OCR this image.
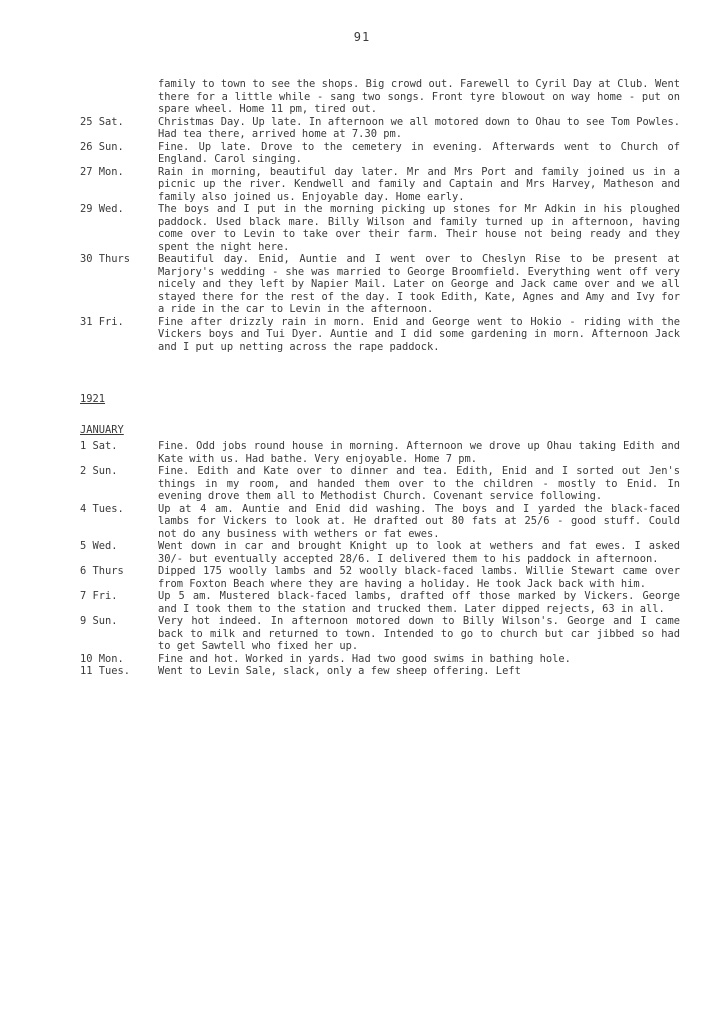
91
family to town to see the shops. Big crowd out. Farewell to Cyril Day at Club. Went there for a little while - sang two songs. Front tyre blowout on way home - put on spare wheel. Home 11 pm, tired out.
25 Sat.	Christmas Day. Up late. In afternoon we all motored down to Ohau to see Tom Powles. Had tea there, arrived home at 7.30 pm.
26 Sun.	Fine. Up late. Drove to the cemetery in evening. Afterwards went to Church of England. Carol singing.
27 Mon.	Rain in morning, beautiful day later. Mr and Mrs Port and family joined us in a picnic up the river. Kendwell and family and Captain and Mrs Harvey, Matheson and family also joined us. Enjoyable day. Home early.
29 Wed.	The boys and I put in the morning picking up stones for Mr Adkin in his ploughed paddock. Used black mare. Billy Wilson and family turned up in afternoon, having come over to Levin to take over their farm. Their house not being ready and they spent the night here.
30 Thurs	Beautiful day. Enid, Auntie and I went over to Cheslyn Rise to be present at Marjory's wedding - she was married to George Broomfield. Everything went off very nicely and they left by Napier Mail. Later on George and Jack came over and we all stayed there for the rest of the day. I took Edith, Kate, Agnes and Amy and Ivy for a ride in the car to Levin in the afternoon.
31 Fri.	Fine after drizzly rain in morn. Enid and George went to Hokio - riding with the Vickers boys and Tui Dyer. Auntie and I did some gardening in morn. Afternoon Jack and I put up netting across the rape paddock.
1921
JANUARY
1 Sat.	Fine. Odd jobs round house in morning. Afternoon we drove up Ohau taking Edith and Kate with us. Had bathe. Very enjoyable. Home 7 pm.
2 Sun.	Fine. Edith and Kate over to dinner and tea. Edith, Enid and I sorted out Jen's things in my room, and handed them over to the children - mostly to Enid. In evening drove them all to Methodist Church. Covenant service following.
4 Tues.	Up at 4 am. Auntie and Enid did washing. The boys and I yarded the black-faced lambs for Vickers to look at. He drafted out 80 fats at 25/6 - good stuff. Could not do any business with wethers or fat ewes.
5 Wed.	Went down in car and brought Knight up to look at wethers and fat ewes. I asked 30/- but eventually accepted 28/6. I delivered them to his paddock in afternoon.
6 Thurs	Dipped 175 woolly lambs and 52 woolly black-faced lambs. Willie Stewart came over from Foxton Beach where they are having a holiday. He took Jack back with him.
7 Fri.	Up 5 am. Mustered black-faced lambs, drafted off those marked by Vickers. George and I took them to the station and trucked them. Later dipped rejects, 63 in all.
9 Sun.	Very hot indeed. In afternoon motored down to Billy Wilson's. George and I came back to milk and returned to town. Intended to go to church but car jibbed so had to get Sawtell who fixed her up.
10 Mon.	Fine and hot. Worked in yards. Had two good swims in bathing hole.
11 Tues.	Went to Levin Sale, slack, only a few sheep offering. Left
